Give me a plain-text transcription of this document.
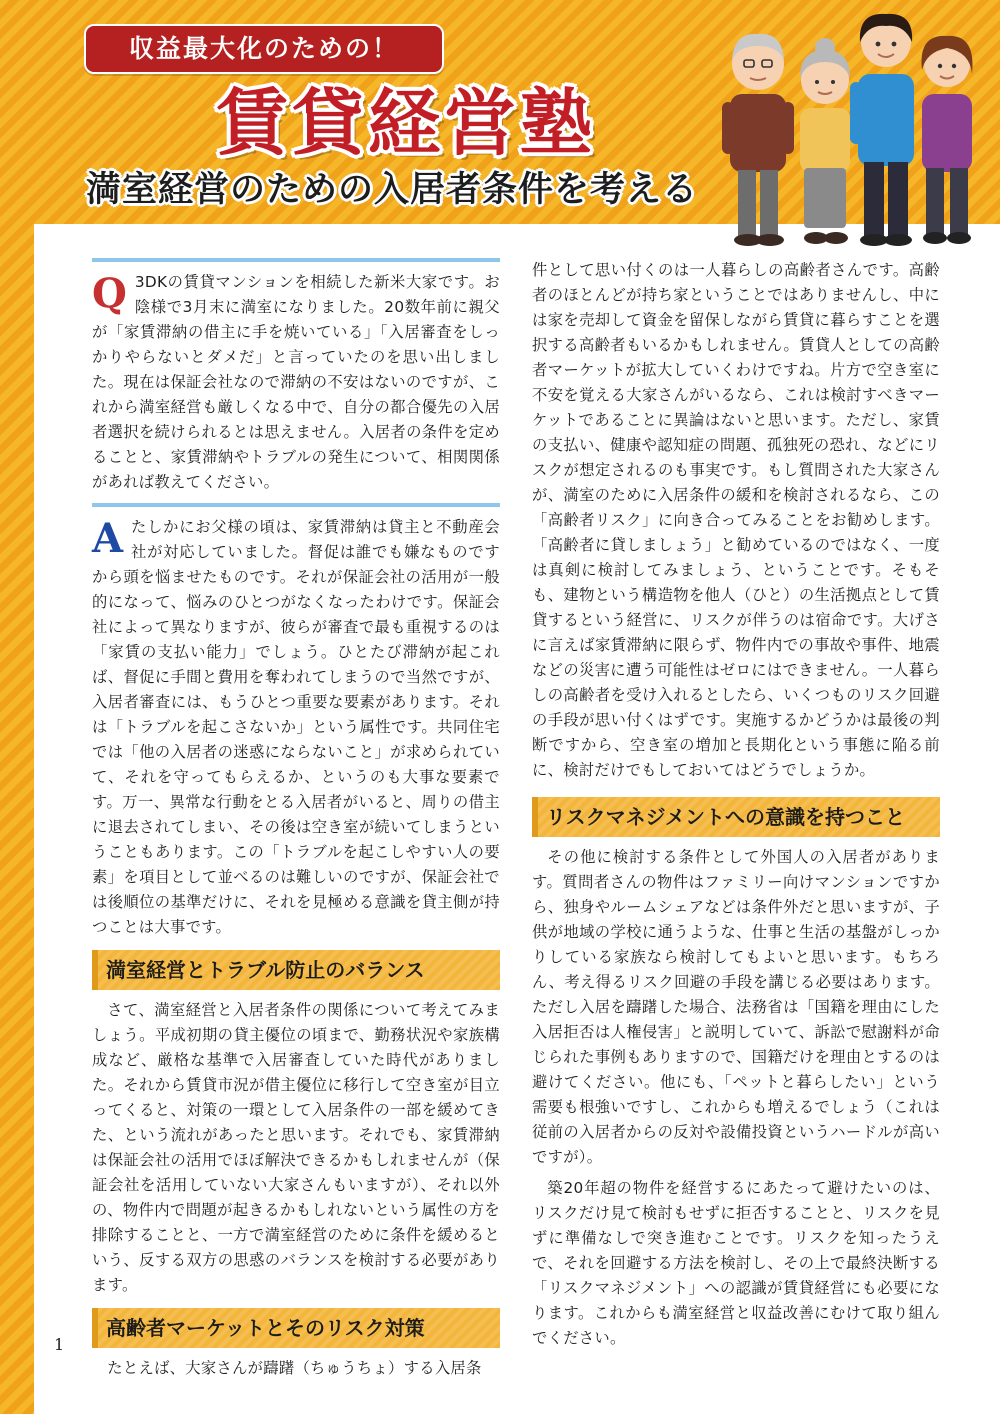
収益最大化のための！
賃貸経営塾
満室経営のための入居者条件を考える
Q 3DKの賃貸マンションを相続した新米大家です。お陰様で3月末に満室になりました。20数年前に親父が「家賃滞納の借主に手を焼いている」「入居審査をしっかりやらないとダメだ」と言っていたのを思い出しました。現在は保証会社なので滞納の不安はないのですが、これから満室経営も厳しくなる中で、自分の都合優先の入居者選択を続けられるとは思えません。入居者の条件を定めることと、家賃滞納やトラブルの発生について、相関関係があれば教えてください。

A たしかにお父様の頃は、家賃滞納は貸主と不動産会社が対応していました。督促は誰でも嫌なものですから頭を悩ませたものです。それが保証会社の活用が一般的になって、悩みのひとつがなくなったわけです。保証会社によって異なりますが、彼らが審査で最も重視するのは「家賃の支払い能力」でしょう。ひとたび滞納が起これば、督促に手間と費用を奪われてしまうので当然ですが、入居者審査には、もうひとつ重要な要素があります。それは「トラブルを起こさないか」という属性です。共同住宅では「他の入居者の迷惑にならないこと」が求められていて、それを守ってもらえるか、というのも大事な要素です。万一、異常な行動をとる入居者がいると、周りの借主に退去されてしまい、その後は空き室が続いてしまうということもあります。この「トラブルを起こしやすい人の要素」を項目として並べるのは難しいのですが、保証会社では後順位の基準だけに、それを見極める意識を貸主側が持つことは大事です。

満室経営とトラブル防止のバランス

さて、満室経営と入居者条件の関係について考えてみましょう。平成初期の貸主優位の頃まで、勤務状況や家族構成など、厳格な基準で入居審査していた時代がありました。それから賃貸市況が借主優位に移行して空き室が目立ってくると、対策の一環として入居条件の一部を緩めてきた、という流れがあったと思います。それでも、家賃滞納は保証会社の活用でほぼ解決できるかもしれませんが（保証会社を活用していない大家さんもいますが）、それ以外の、物件内で問題が起きるかもしれないという属性の方を排除することと、一方で満室経営のために条件を緩めるという、反する双方の思惑のバランスを検討する必要があります。

高齢者マーケットとそのリスク対策

たとえば、大家さんが躊躇（ちゅうちょ）する入居条

件として思い付くのは一人暮らしの高齢者さんです。高齢者のほとんどが持ち家ということではありませんし、中には家を売却して資金を留保しながら賃貸に暮らすことを選択する高齢者もいるかもしれません。賃貸人としての高齢者マーケットが拡大していくわけですね。片方で空き室に不安を覚える大家さんがいるなら、これは検討すべきマーケットであることに異論はないと思います。ただし、家賃の支払い、健康や認知症の問題、孤独死の恐れ、などにリスクが想定されるのも事実です。もし質問された大家さんが、満室のために入居条件の緩和を検討されるなら、この「高齢者リスク」に向き合ってみることをお勧めします。「高齢者に貸しましょう」と勧めているのではなく、一度は真剣に検討してみましょう、ということです。そもそも、建物という構造物を他人（ひと）の生活拠点として賃貸するという経営に、リスクが伴うのは宿命です。大げさに言えば家賃滞納に限らず、物件内での事故や事件、地震などの災害に遭う可能性はゼロにはできません。一人暮らしの高齢者を受け入れるとしたら、いくつものリスク回避の手段が思い付くはずです。実施するかどうかは最後の判断ですから、空き室の増加と長期化という事態に陥る前に、検討だけでもしておいてはどうでしょうか。

リスクマネジメントへの意識を持つこと

その他に検討する条件として外国人の入居者があります。質問者さんの物件はファミリー向けマンションですから、独身やルームシェアなどは条件外だと思いますが、子供が地域の学校に通うような、仕事と生活の基盤がしっかりしている家族なら検討してもよいと思います。もちろん、考え得るリスク回避の手段を講じる必要はあります。ただし入居を躊躇した場合、法務省は「国籍を理由にした入居拒否は人権侵害」と説明していて、訴訟で慰謝料が命じられた事例もありますので、国籍だけを理由とするのは避けてください。他にも、「ペットと暮らしたい」という需要も根強いですし、これからも増えるでしょう（これは従前の入居者からの反対や設備投資というハードルが高いですが）。

築20年超の物件を経営するにあたって避けたいのは、リスクだけ見て検討もせずに拒否することと、リスクを見ずに準備なしで突き進むことです。リスクを知ったうえで、それを回避する方法を検討し、その上で最終決断する「リスクマネジメント」への認識が賃貸経営にも必要になります。これからも満室経営と収益改善にむけて取り組んでください。

1
